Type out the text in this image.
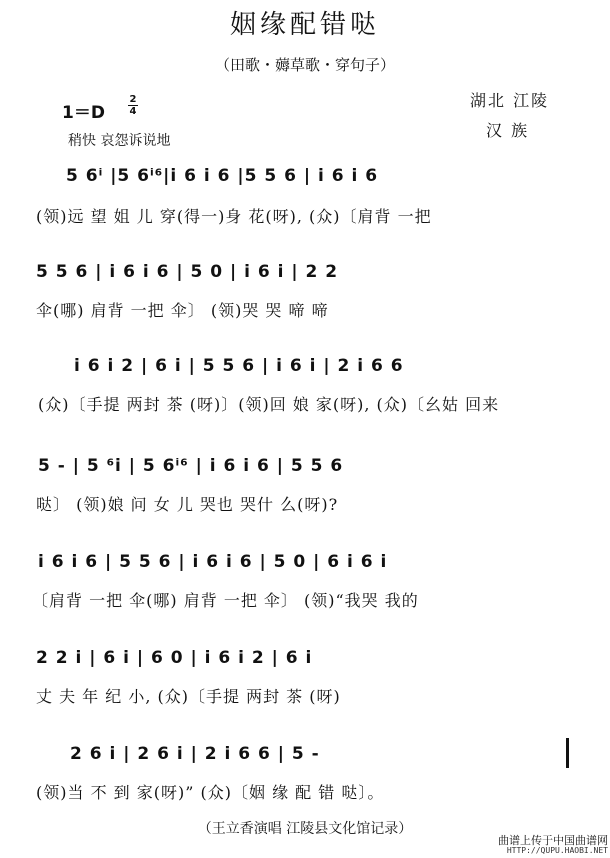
姻缘配错哒
（田歌・薅草歌・穿句子）
1＝D
2
4
稍快 哀怨诉说地
湖北 江陵
汉 族
5 6ⁱ |5 6ⁱ⁶|i 6 i 6 |5 5 6 | i 6 i 6
(领)远 望 姐 儿 穿(得一)身 花(呀), (众)〔肩背 一把
5 5 6 | i 6 i 6 | 5 0 | i 6 i | 2 2
伞(哪) 肩背 一把 伞〕 (领)哭 哭 啼 啼
i 6 i 2 | 6 i | 5 5 6 | i 6 i | 2 i 6 6
(众)〔手提 两封 茶 (呀)〕(领)回 娘 家(呀), (众)〔幺姑 回来
5 - | 5 ⁶i | 5 6ⁱ⁶ | i 6 i 6 | 5 5 6
哒〕 (领)娘 问 女 儿 哭也 哭什 么(呀)?
i 6 i 6 | 5 5 6 | i 6 i 6 | 5 0 | 6 i 6 i
〔肩背 一把 伞(哪) 肩背 一把 伞〕 (领)“我哭 我的
2 2 i | 6 i | 6 0 | i 6 i 2 | 6 i
丈 夫 年 纪 小, (众)〔手提 两封 茶 (呀)
2 6 i | 2 6 i | 2 i 6 6 | 5 -
(领)当 不 到 家(呀)” (众)〔姻 缘 配 错 哒〕。
（王立香演唱 江陵县文化馆记录）
曲谱上传于中国曲谱网
HTTP://QUPU.HAOBI.NET
